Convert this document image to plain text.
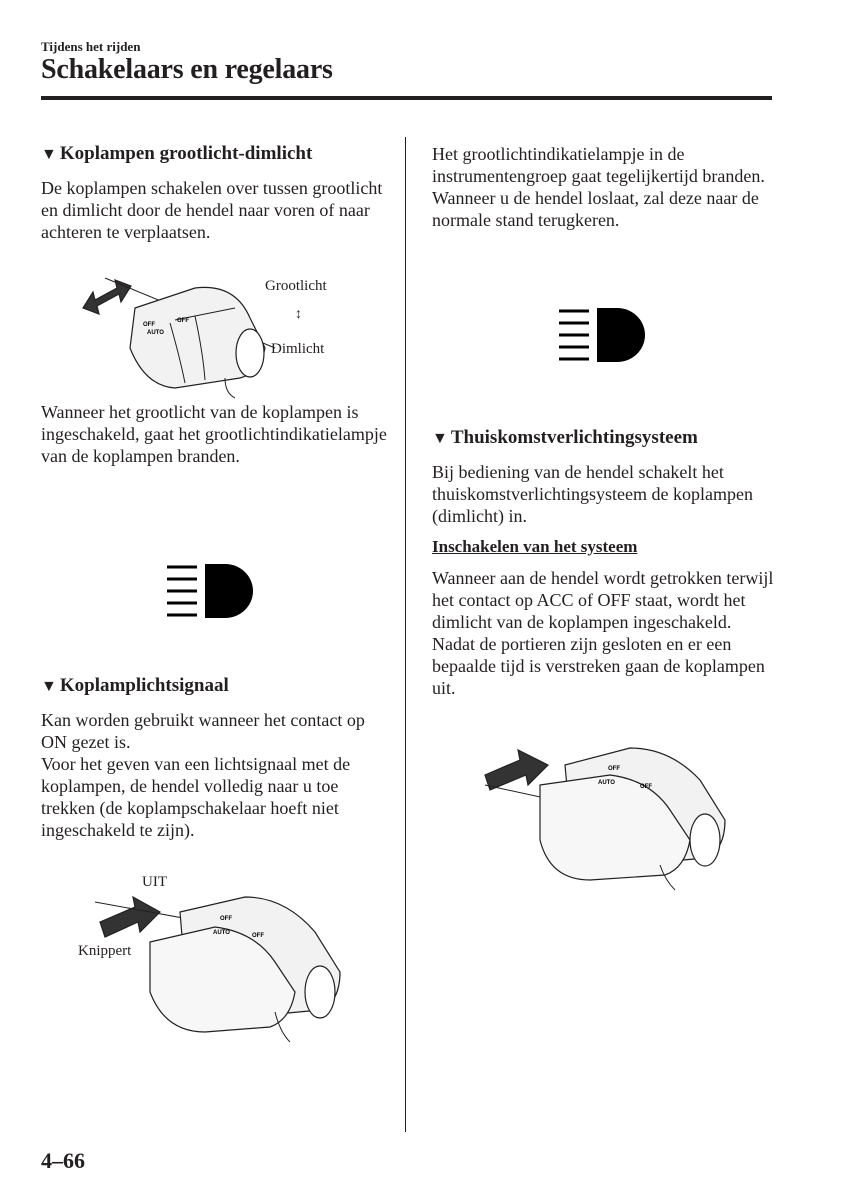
Tijdens het rijden
Schakelaars en regelaars

▼ Koplampen grootlicht-dimlicht

De koplampen schakelen over tussen grootlicht en dimlicht door de hendel naar voren of naar achteren te verplaatsen.

OFF
AUTO
OFF
Grootlicht
↕
Dimlicht

Wanneer het grootlicht van de koplampen is ingeschakeld, gaat het grootlichtindikatielampje van de koplampen branden.

▼ Koplamplichtsignaal

Kan worden gebruikt wanneer het contact op ON gezet is.

Voor het geven van een lichtsignaal met de koplampen, de hendel volledig naar u toe trekken (de koplampschakelaar hoeft niet ingeschakeld te zijn).

UIT
Knippert
OFF
AUTO	OFF

Het grootlichtindikatielampje in de instrumentengroep gaat tegelijkertijd branden. Wanneer u de hendel loslaat, zal deze naar de normale stand terugkeren.

▼ Thuiskomstverlichtingsysteem

Bij bediening van de hendel schakelt het thuiskomstverlichtingsysteem de koplampen (dimlicht) in.

Inschakelen van het systeem

Wanneer aan de hendel wordt getrokken terwijl het contact op ACC of OFF staat, wordt het dimlicht van de koplampen ingeschakeld.

Nadat de portieren zijn gesloten en er een bepaalde tijd is verstreken gaan de koplampen uit.

OFF
AUTO
OFF
4–66
